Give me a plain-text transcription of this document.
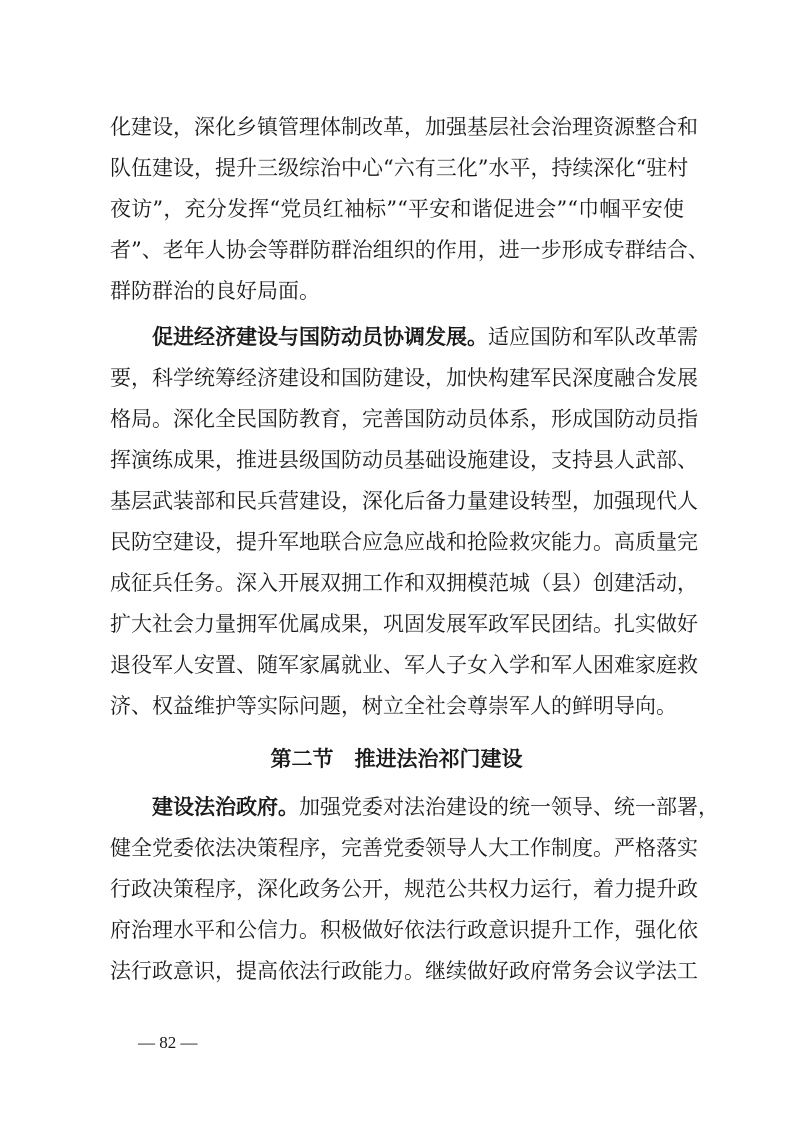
化建设，深化乡镇管理体制改革，加强基层社会治理资源整合和
队伍建设，提升三级综治中心“六有三化”水平，持续深化“驻村
夜访”，充分发挥“党员红袖标”“平安和谐促进会”“巾帼平安使
者”、老年人协会等群防群治组织的作用，进一步形成专群结合、
群防群治的良好局面。
促进经济建设与国防动员协调发展。适应国防和军队改革需
要，科学统筹经济建设和国防建设，加快构建军民深度融合发展
格局。深化全民国防教育，完善国防动员体系，形成国防动员指
挥演练成果，推进县级国防动员基础设施建设，支持县人武部、
基层武装部和民兵营建设，深化后备力量建设转型，加强现代人
民防空建设，提升军地联合应急应战和抢险救灾能力。高质量完
成征兵任务。深入开展双拥工作和双拥模范城（县）创建活动，
扩大社会力量拥军优属成果，巩固发展军政军民团结。扎实做好
退役军人安置、随军家属就业、军人子女入学和军人困难家庭救
济、权益维护等实际问题，树立全社会尊崇军人的鲜明导向。
第二节　推进法治祁门建设
建设法治政府。加强党委对法治建设的统一领导、统一部署，
健全党委依法决策程序，完善党委领导人大工作制度。严格落实
行政决策程序，深化政务公开，规范公共权力运行，着力提升政
府治理水平和公信力。积极做好依法行政意识提升工作，强化依
法行政意识，提高依法行政能力。继续做好政府常务会议学法工
— 82 —
